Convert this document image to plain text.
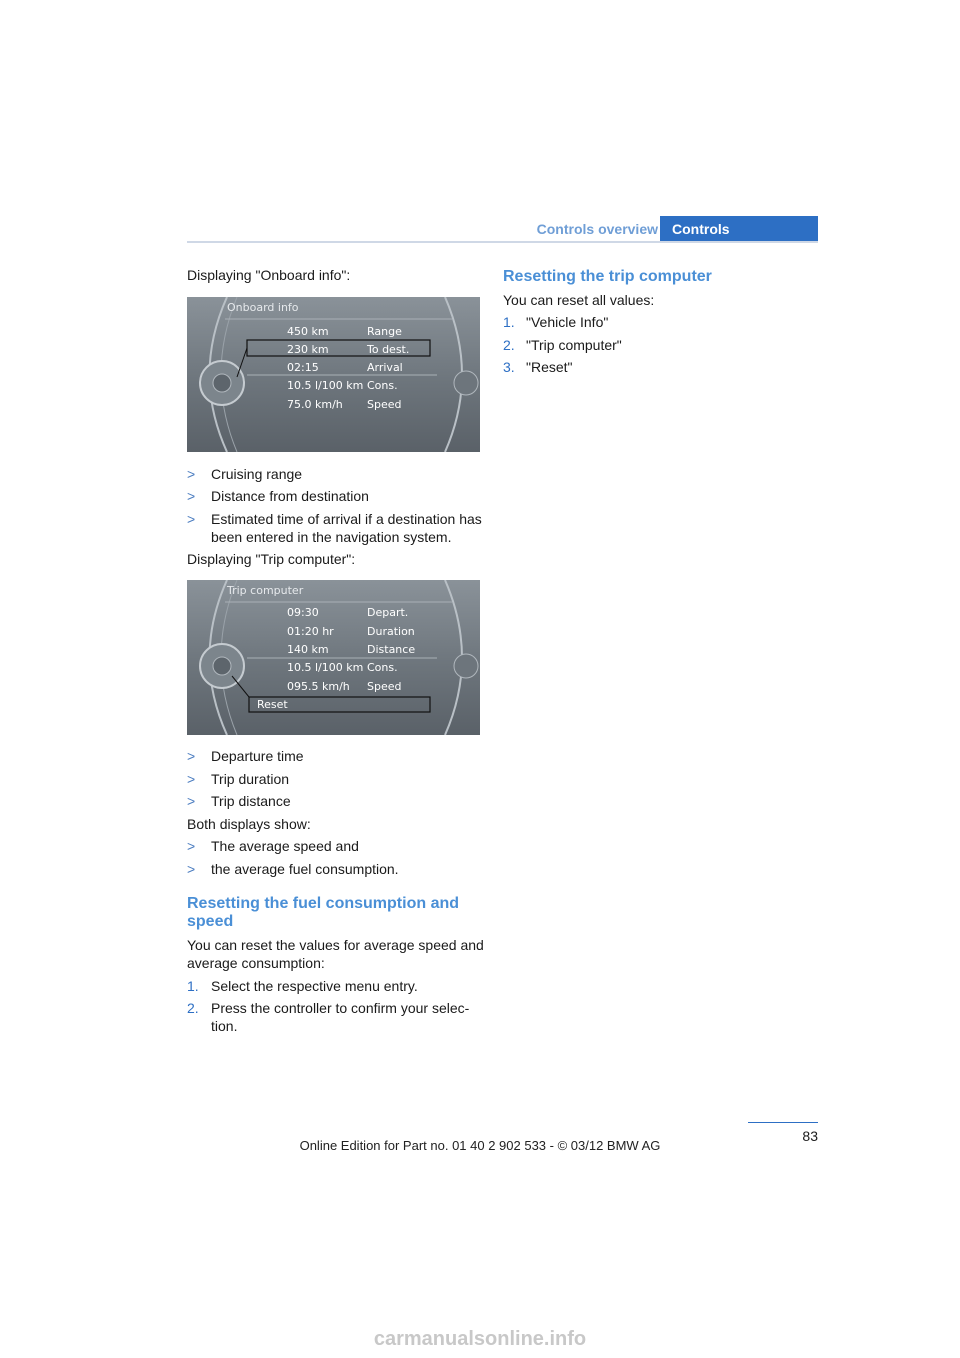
Controls overview	Controls
Displaying "Onboard info":
Onboard info
450 km	Range
230 km	To dest.
02:15	Arrival
10.5 l/100 km Cons.
75.0 km/h Speed
> Cruising range
> Distance from destination
> Estimated time of arrival if a destination has
been entered in the navigation system.
Displaying "Trip computer":
Trip computer
09:30	Depart.
01:20 hr	Duration
140 km	Distance
10.5 l/100 km Cons.
095.5 km/h Speed
Reset
> Departure time
> Trip duration
> Trip distance
Both displays show:
> The average speed and
> the average fuel consumption.
Resetting the fuel consumption and
speed
You can reset the values for average speed and
average consumption:
1. Select the respective menu entry.
2. Press the controller to confirm your selec-
tion.
Resetting the trip computer
You can reset all values:
1. "Vehicle Info"
2. "Trip computer"
3. "Reset"
83
Online Edition for Part no. 01 40 2 902 533 - © 03/12 BMW AG
carmanualsonline.info
